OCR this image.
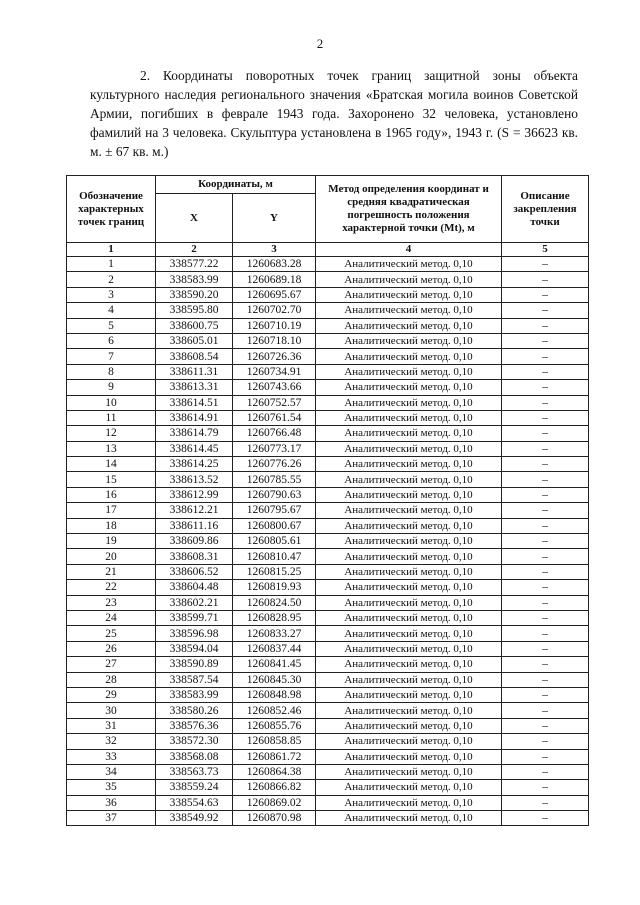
2

2. Координаты поворотных точек границ защитной зоны объекта культурного наследия регионального значения «Братская могила воинов Советской Армии, погибших в феврале 1943 года. Захоронено 32 человека, установлено фамилий на 3 человека. Скульптура установлена в 1965 году», 1943 г. (S = 36623 кв. м. ± 67 кв. м.)

Обозначение характерных точек границ	Координаты, м		Метод определения координат и средняя квадратическая погрешность положения характерной точки (Mt), м	Описание закрепления точки
	X	Y		
1	2	3	4	5
1	338577.22	1260683.28	Аналитический метод. 0,10	–
2	338583.99	1260689.18	Аналитический метод. 0,10	–
3	338590.20	1260695.67	Аналитический метод. 0,10	–
4	338595.80	1260702.70	Аналитический метод. 0,10	–
5	338600.75	1260710.19	Аналитический метод. 0,10	–
6	338605.01	1260718.10	Аналитический метод. 0,10	–
7	338608.54	1260726.36	Аналитический метод. 0,10	–
8	338611.31	1260734.91	Аналитический метод. 0,10	–
9	338613.31	1260743.66	Аналитический метод. 0,10	–
10	338614.51	1260752.57	Аналитический метод. 0,10	–
11	338614.91	1260761.54	Аналитический метод. 0,10	–
12	338614.79	1260766.48	Аналитический метод. 0,10	–
13	338614.45	1260773.17	Аналитический метод. 0,10	–
14	338614.25	1260776.26	Аналитический метод. 0,10	–
15	338613.52	1260785.55	Аналитический метод. 0,10	–
16	338612.99	1260790.63	Аналитический метод. 0,10	–
17	338612.21	1260795.67	Аналитический метод. 0,10	–
18	338611.16	1260800.67	Аналитический метод. 0,10	–
19	338609.86	1260805.61	Аналитический метод. 0,10	–
20	338608.31	1260810.47	Аналитический метод. 0,10	–
21	338606.52	1260815.25	Аналитический метод. 0,10	–
22	338604.48	1260819.93	Аналитический метод. 0,10	–
23	338602.21	1260824.50	Аналитический метод. 0,10	–
24	338599.71	1260828.95	Аналитический метод. 0,10	–
25	338596.98	1260833.27	Аналитический метод. 0,10	–
26	338594.04	1260837.44	Аналитический метод. 0,10	–
27	338590.89	1260841.45	Аналитический метод. 0,10	–
28	338587.54	1260845.30	Аналитический метод. 0,10	–
29	338583.99	1260848.98	Аналитический метод. 0,10	–
30	338580.26	1260852.46	Аналитический метод. 0,10	–
31	338576.36	1260855.76	Аналитический метод. 0,10	–
32	338572.30	1260858.85	Аналитический метод. 0,10	–
33	338568.08	1260861.72	Аналитический метод. 0,10	–
34	338563.73	1260864.38	Аналитический метод. 0,10	–
35	338559.24	1260866.82	Аналитический метод. 0,10	–
36	338554.63	1260869.02	Аналитический метод. 0,10	–
37	338549.92	1260870.98	Аналитический метод. 0,10	–
